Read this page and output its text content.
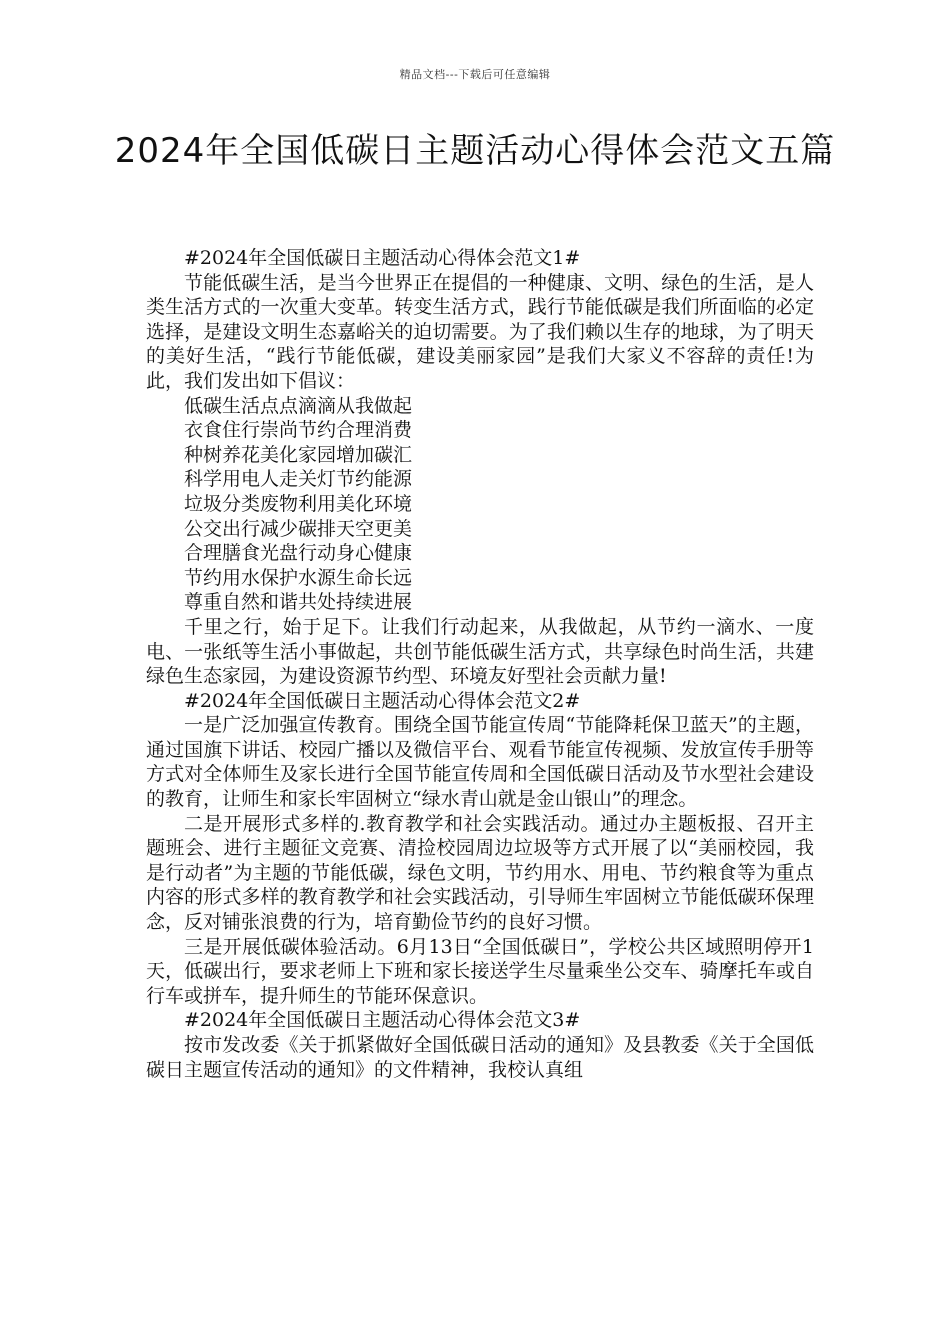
精品文档---下载后可任意编辑
2024年全国低碳日主题活动心得体会范文五篇

#2024年全国低碳日主题活动心得体会范文1#

节能低碳生活，是当今世界正在提倡的一种健康、文明、绿色的生活，是人类生活方式的一次重大变革。转变生活方式，践行节能低碳是我们所面临的必定选择，是建设文明生态嘉峪关的迫切需要。为了我们赖以生存的地球，为了明天的美好生活，“践行节能低碳，建设美丽家园”是我们大家义不容辞的责任!为此，我们发出如下倡议：

低碳生活点点滴滴从我做起

衣食住行崇尚节约合理消费

种树养花美化家园增加碳汇

科学用电人走关灯节约能源

垃圾分类废物利用美化环境

公交出行减少碳排天空更美

合理膳食光盘行动身心健康

节约用水保护水源生命长远

尊重自然和谐共处持续进展

千里之行，始于足下。让我们行动起来，从我做起，从节约一滴水、一度电、一张纸等生活小事做起，共创节能低碳生活方式，共享绿色时尚生活，共建绿色生态家园，为建设资源节约型、环境友好型社会贡献力量!

#2024年全国低碳日主题活动心得体会范文2#

一是广泛加强宣传教育。围绕全国节能宣传周“节能降耗保卫蓝天”的主题，通过国旗下讲话、校园广播以及微信平台、观看节能宣传视频、发放宣传手册等方式对全体师生及家长进行全国节能宣传周和全国低碳日活动及节水型社会建设的教育，让师生和家长牢固树立“绿水青山就是金山银山”的理念。

二是开展形式多样的.教育教学和社会实践活动。通过办主题板报、召开主题班会、进行主题征文竞赛、清捡校园周边垃圾等方式开展了以“美丽校园，我是行动者”为主题的节能低碳，绿色文明，节约用水、用电、节约粮食等为重点内容的形式多样的教育教学和社会实践活动，引导师生牢固树立节能低碳环保理念，反对铺张浪费的行为，培育勤俭节约的良好习惯。

三是开展低碳体验活动。6月13日“全国低碳日”，学校公共区域照明停开1天，低碳出行，要求老师上下班和家长接送学生尽量乘坐公交车、骑摩托车或自行车或拼车，提升师生的节能环保意识。

#2024年全国低碳日主题活动心得体会范文3#

按市发改委《关于抓紧做好全国低碳日活动的通知》及县教委《关于全国低碳日主题宣传活动的通知》的文件精神，我校认真组
